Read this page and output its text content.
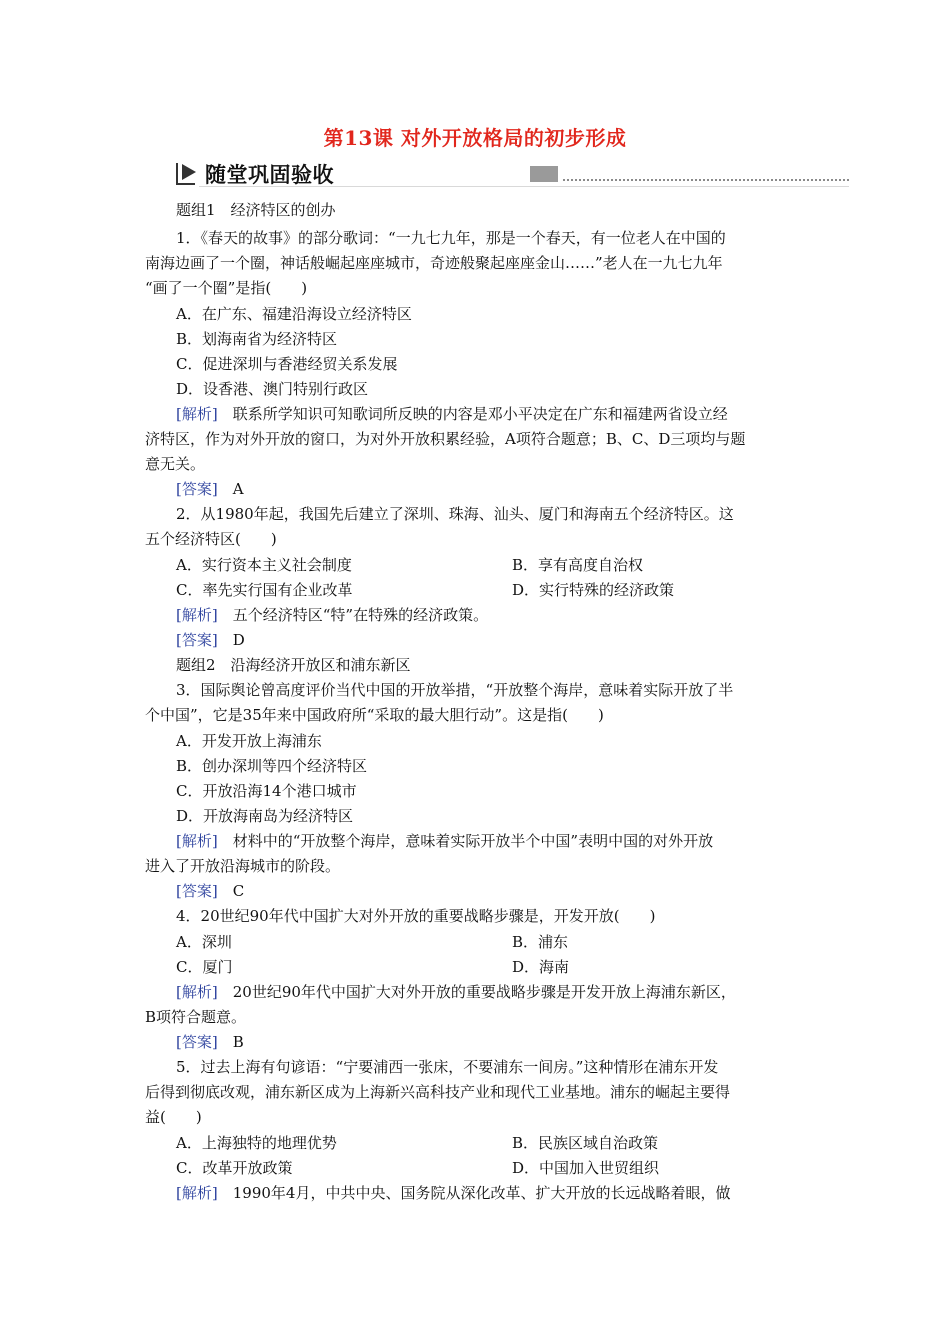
第13课 对外开放格局的初步形成
随堂巩固验收
题组1　经济特区的创办
1．《春天的故事》的部分歌词：“一九七九年，那是一个春天，有一位老人在中国的
南海边画了一个圈，神话般崛起座座城市，奇迹般聚起座座金山……”老人在一九七九年
“画了一个圈”是指(　　)
A．在广东、福建沿海设立经济特区
B．划海南省为经济特区
C．促进深圳与香港经贸关系发展
D．设香港、澳门特别行政区
[解析]　 联系所学知识可知歌词所反映的内容是邓小平决定在广东和福建两省设立经
济特区，作为对外开放的窗口，为对外开放积累经验，A项符合题意；B、C、D三项均与题
意无关。
[答案]　 A
2．从1980年起，我国先后建立了深圳、珠海、汕头、厦门和海南五个经济特区。这
五个经济特区(　　)
A．实行资本主义社会制度	B．享有高度自治权
C．率先实行国有企业改革	D．实行特殊的经济政策
[解析]　 五个经济特区“特”在特殊的经济政策。
[答案]　 D
题组2　沿海经济开放区和浦东新区
3．国际舆论曾高度评价当代中国的开放举措，“开放整个海岸，意味着实际开放了半
个中国”，它是35年来中国政府所“采取的最大胆行动”。这是指(　　)
A．开发开放上海浦东
B．创办深圳等四个经济特区
C．开放沿海14个港口城市
D．开放海南岛为经济特区
[解析]　 材料中的“开放整个海岸，意味着实际开放半个中国”表明中国的对外开放
进入了开放沿海城市的阶段。
[答案]　 C
4．20世纪90年代中国扩大对外开放的重要战略步骤是，开发开放(　　)
A．深圳	B．浦东
C．厦门	D．海南
[解析]　 20世纪90年代中国扩大对外开放的重要战略步骤是开发开放上海浦东新区，
B项符合题意。
[答案]　 B
5．过去上海有句谚语：“宁要浦西一张床，不要浦东一间房。”这种情形在浦东开发
后得到彻底改观，浦东新区成为上海新兴高科技产业和现代工业基地。浦东的崛起主要得
益(　　)
A．上海独特的地理优势	B．民族区域自治政策
C．改革开放政策	D．中国加入世贸组织
[解析]　 1990年4月，中共中央、国务院从深化改革、扩大开放的长远战略着眼，做
